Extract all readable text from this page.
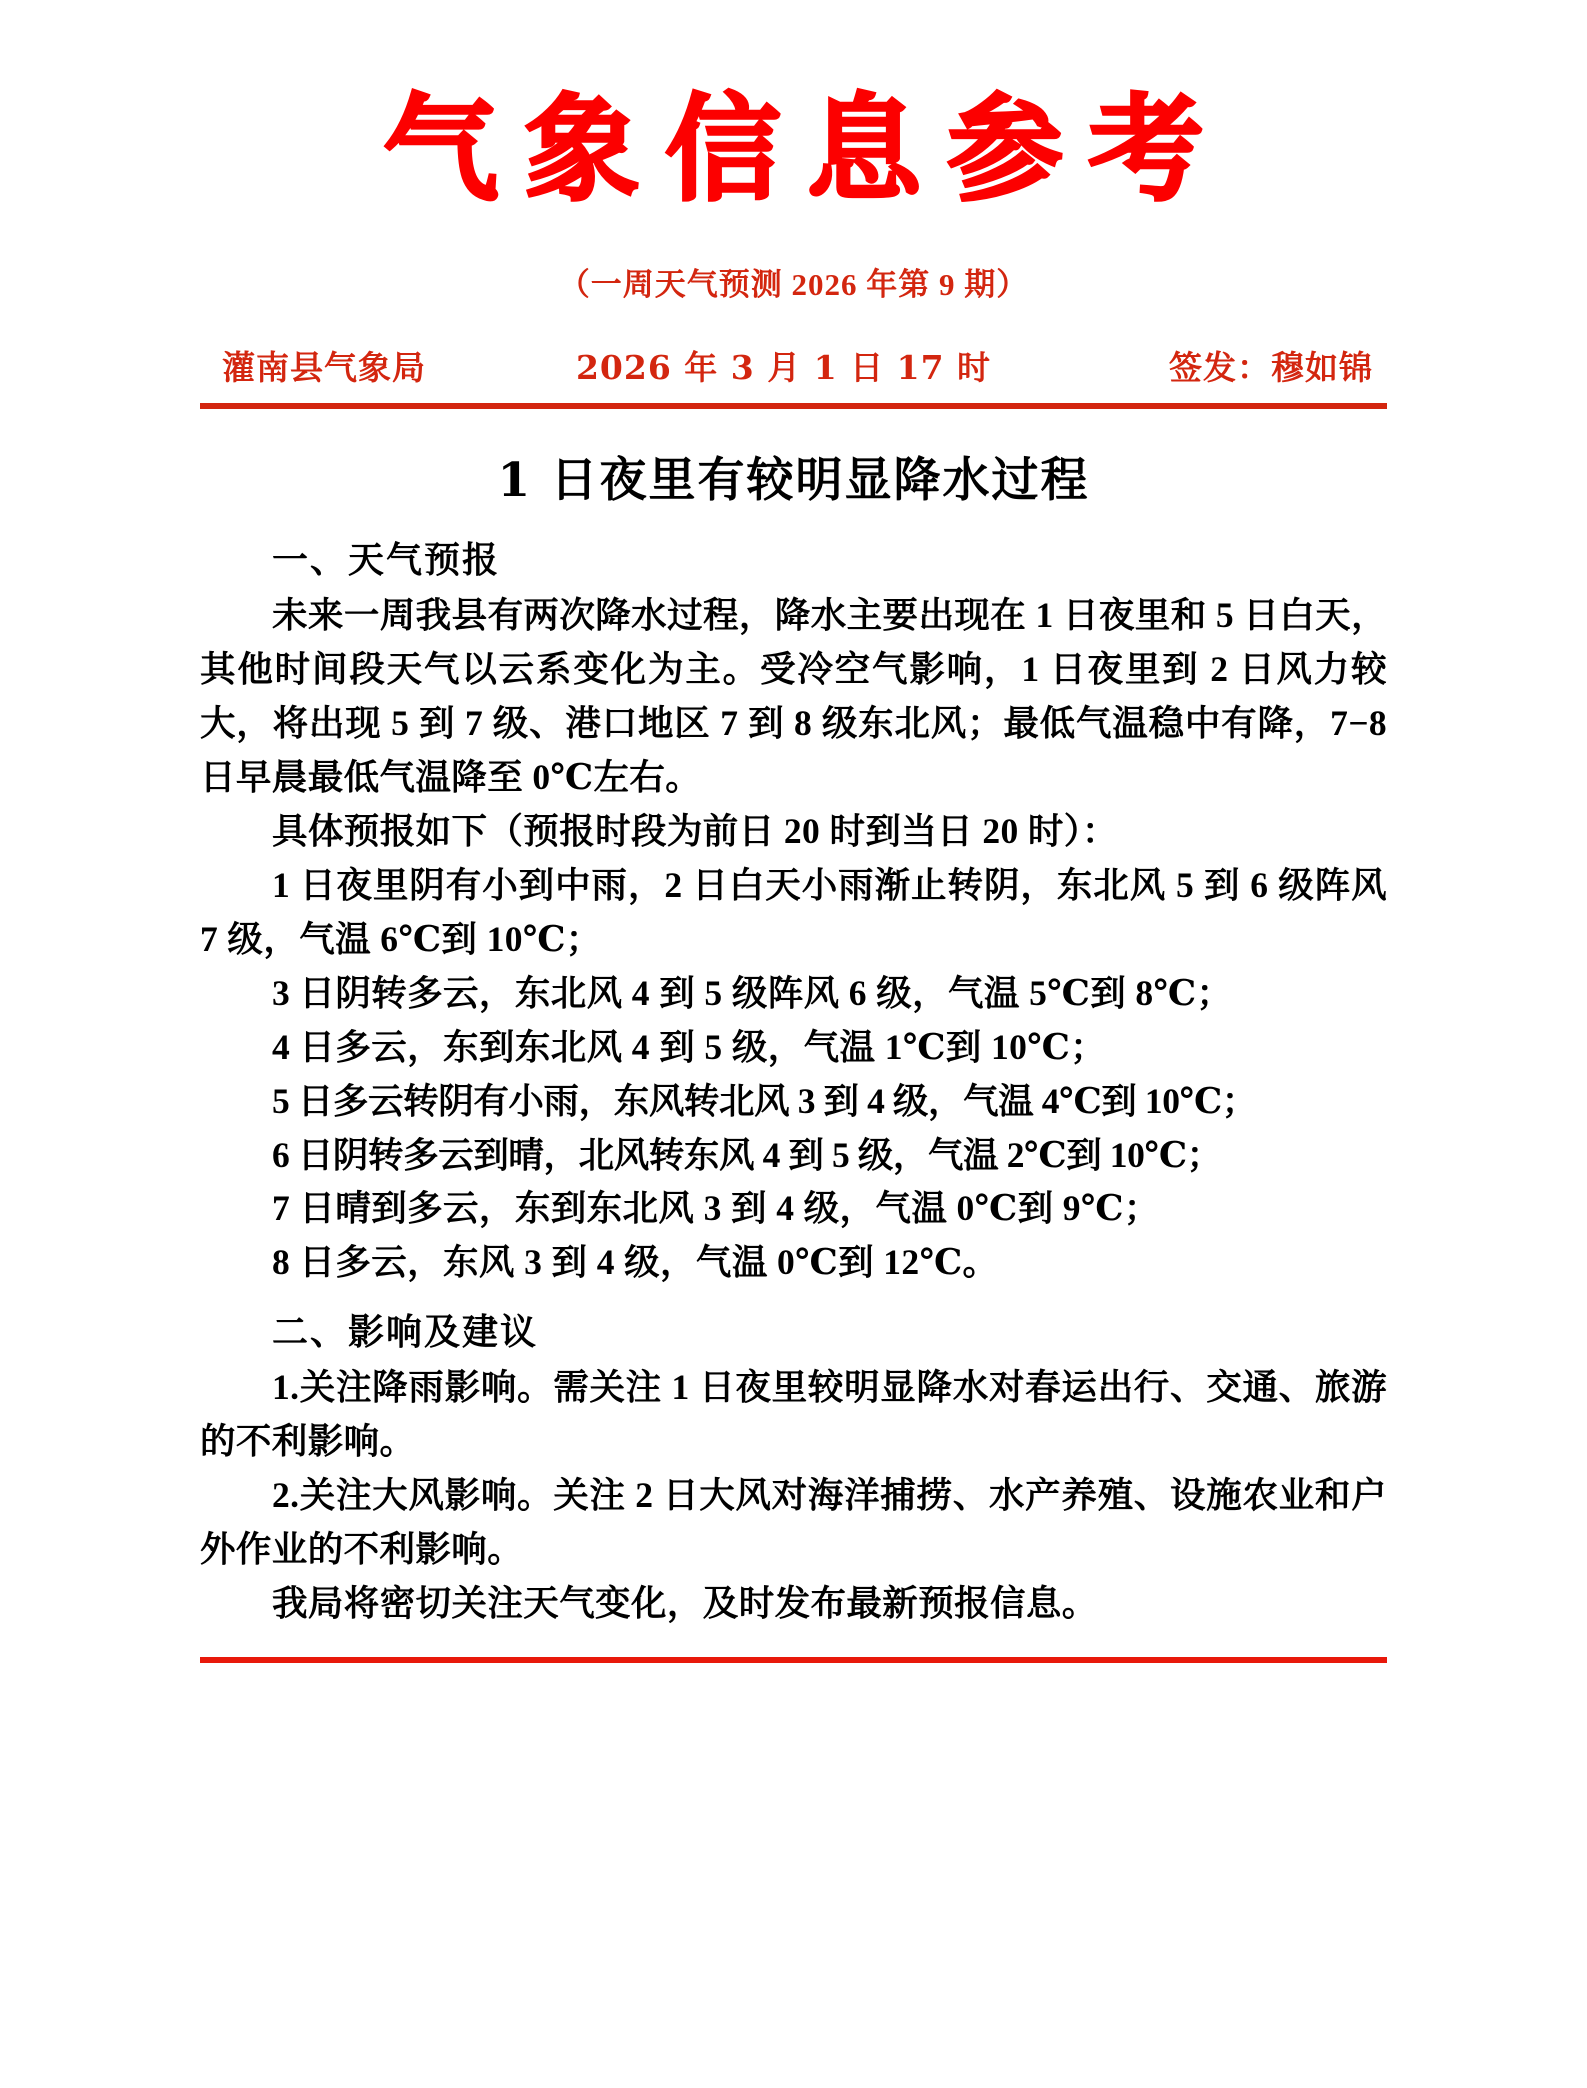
气象信息参考
（一周天气预测 2026 年第 9 期）
灌南县气象局	2026 年 3 月 1 日 17 时	签发：穆如锦
1 日夜里有较明显降水过程
一、天气预报

未来一周我县有两次降水过程，降水主要出现在 1 日夜里和 5 日白天，其他时间段天气以云系变化为主。受冷空气影响，1 日夜里到 2 日风力较大，将出现 5 到 7 级、港口地区 7 到 8 级东北风；最低气温稳中有降，7−8 日早晨最低气温降至 0℃左右。

具体预报如下（预报时段为前日 20 时到当日 20 时）：

1 日夜里阴有小到中雨，2 日白天小雨渐止转阴，东北风 5 到 6 级阵风 7 级，气温 6℃到 10℃；

3 日阴转多云，东北风 4 到 5 级阵风 6 级，气温 5℃到 8℃；

4 日多云，东到东北风 4 到 5 级，气温 1℃到 10℃；

5 日多云转阴有小雨，东风转北风 3 到 4 级，气温 4℃到 10℃；

6 日阴转多云到晴，北风转东风 4 到 5 级，气温 2℃到 10℃；

7 日晴到多云，东到东北风 3 到 4 级，气温 0℃到 9℃；

8 日多云，东风 3 到 4 级，气温 0℃到 12℃。

二、影响及建议

1.关注降雨影响。需关注 1 日夜里较明显降水对春运出行、交通、旅游的不利影响。

2.关注大风影响。关注 2 日大风对海洋捕捞、水产养殖、设施农业和户外作业的不利影响。

我局将密切关注天气变化，及时发布最新预报信息。
